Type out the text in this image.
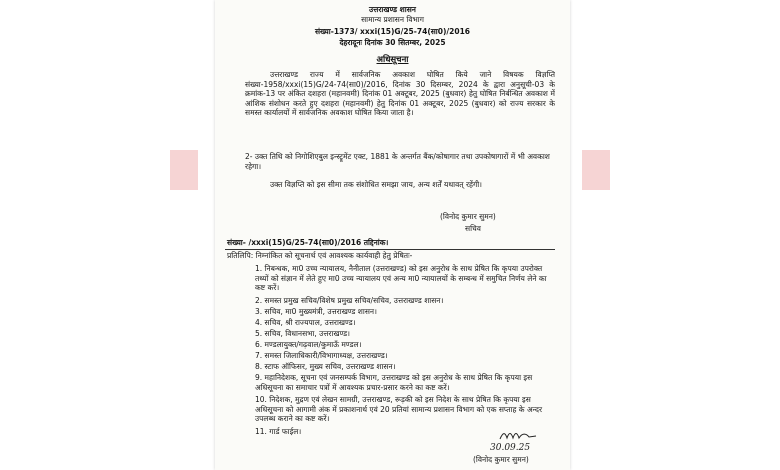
उत्तराखण्ड शासन
सामान्य प्रशासन विभाग
संख्या-1373/ xxxi(15)G/25-74(सा0)/2016
देहरादूनः दिनांक 30 सितम्बर, 2025
अधिसूचना
उत्तराखण्ड राज्य में सार्वजनिक अवकाश घोषित किये जाने विषयक विज्ञप्ति संख्या-1958/xxxi(15)G/24-74(सा0)/2016, दिनांक 30 दिसम्बर, 2024 के द्वारा अनुसूची-03 के क्रमांक-13 पर अंकित दशहरा (महानवमी) दिनांक 01 अक्टूबर, 2025 (बुधवार) हेतु घोषित निर्बन्धित अवकाश में आंशिक संशोधन करते हुए दशहरा (महानवमी) हेतु दिनांक 01 अक्टूबर, 2025 (बुधवार) को राज्य सरकार के समस्त कार्यालयों में सार्वजनिक अवकाश घोषित किया जाता है।
2- उक्त तिथि को निगोशिएबुल इन्स्ट्रूमेंट एक्ट, 1881 के अन्तर्गत बैंक/कोषागार तथा उपकोषागारों में भी अवकाश रहेगा।
उक्त विज्ञप्ति को इस सीमा तक संशोधित समझा जाय, अन्य शर्तें यथावत् रहेंगी।
(विनोद कुमार सुमन)
सचिव
संख्या- /xxxi(15)G/25-74(सा0)/2016 तद्दिनांक।
प्रतिलिपि: निम्नांकित को सूचनार्थ एवं आवश्यक कार्यवाही हेतु प्रेषितः-
1. निबन्धक, मा0 उच्च न्यायालय, नैनीताल (उत्तराखण्ड) को इस अनुरोध के साथ प्रेषित कि कृपया उपरोक्त तथ्यों को संज्ञान में लेते हुए मा0 उच्च न्यायालय एवं अन्य मा0 न्यायालयों के सम्बन्ध में समुचित निर्णय लेने का कष्ट करें।
2. समस्त प्रमुख सचिव/विशेष प्रमुख सचिव/सचिव, उत्तराखण्ड शासन।
3. सचिव, मा0 मुख्यमंत्री, उत्तराखण्ड शासन।
4. सचिव, श्री राज्यपाल, उत्तराखण्ड।
5. सचिव, विधानसभा, उत्तराखण्ड।
6. मण्डलायुक्त/गढ़वाल/कुमाऊँ मण्डल।
7. समस्त जिलाधिकारी/विभागाध्यक्ष, उत्तराखण्ड।
8. स्टाफ ऑफिसर, मुख्य सचिव, उत्तराखण्ड शासन।
9. महानिदेशक, सूचना एवं जनसम्पर्क विभाग, उत्तराखण्ड को इस अनुरोध के साथ प्रेषित कि कृपया इस अधिसूचना का समाचार पत्रों में आवश्यक प्रचार-प्रसार करने का कष्ट करें।
10. निदेशक, मुद्रण एवं लेखन सामग्री, उत्तराखण्ड, रूड़की को इस निदेश के साथ प्रेषित कि कृपया इस अधिसूचना को आगामी अंक में प्रकाशनार्थ एवं 20 प्रतियां सामान्य प्रशासन विभाग को एक सप्ताह के अन्दर उपलब्ध कराने का कष्ट करें।
11. गार्ड फाईल।
30.09.25
(विनोद कुमार सुमन)
